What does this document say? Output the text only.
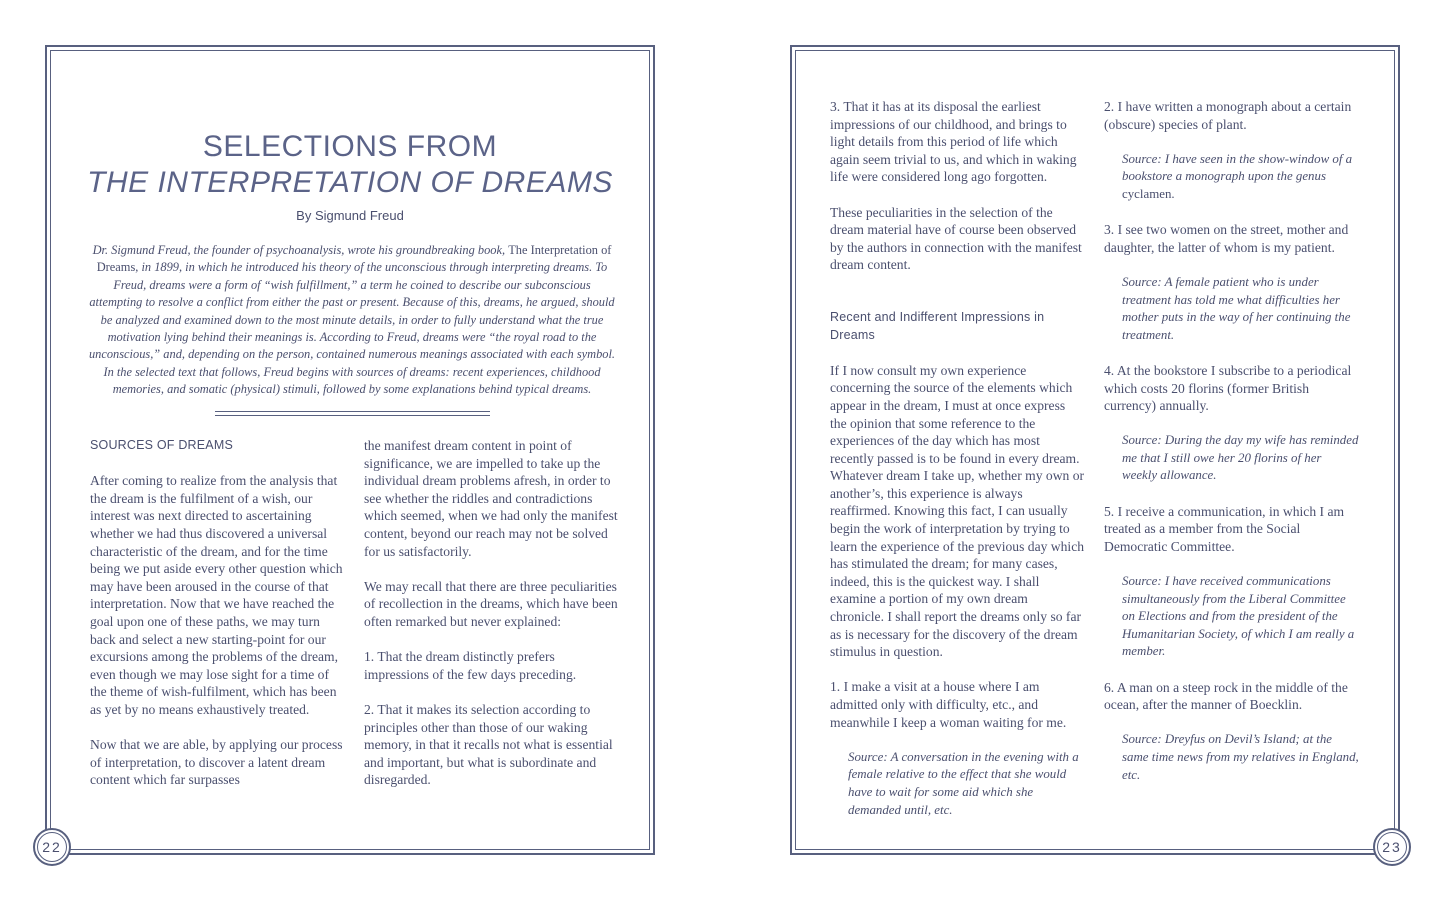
22	23
SELECTIONS FROM
THE INTERPRETATION OF DREAMS
By Sigmund Freud
Dr. Sigmund Freud, the founder of psychoanalysis, wrote his groundbreaking book, The Interpretation of Dreams, in 1899, in which he introduced his theory of the unconscious through interpreting dreams. To Freud, dreams were a form of “wish fulfillment,” a term he coined to describe our subconscious attempting to resolve a conflict from either the past or present. Because of this, dreams, he argued, should be analyzed and examined down to the most minute details, in order to fully understand what the true motivation lying behind their meanings is. According to Freud, dreams were “the royal road to the unconscious,” and, depending on the person, contained numerous meanings associated with each symbol. In the selected text that follows, Freud begins with sources of dreams: recent experiences, childhood memories, and somatic (physical) stimuli, followed by some explanations behind typical dreams.
SOURCES OF DREAMS

After coming to realize from the analysis that the dream is the fulfilment of a wish, our interest was next directed to ascertaining whether we had thus discovered a universal characteristic of the dream, and for the time being we put aside every other question which may have been aroused in the course of that interpretation. Now that we have reached the goal upon one of these paths, we may turn back and select a new starting-point for our excursions among the problems of the dream, even though we may lose sight for a time of the theme of wish-fulfilment, which has been as yet by no means exhaustively treated.

Now that we are able, by applying our process of interpretation, to discover a latent dream content which far surpasses

the manifest dream content in point of significance, we are impelled to take up the individual dream problems afresh, in order to see whether the riddles and contradictions which seemed, when we had only the manifest content, beyond our reach may not be solved for us satisfactorily.

We may recall that there are three peculiarities of recollection in the dreams, which have been often remarked but never explained:

1. That the dream distinctly prefers impressions of the few days preceding.

2. That it makes its selection according to principles other than those of our waking memory, in that it recalls not what is essential and important, but what is subordinate and disregarded.

3. That it has at its disposal the earliest impressions of our childhood, and brings to light details from this period of life which again seem trivial to us, and which in waking life were considered long ago forgotten.

These peculiarities in the selection of the dream material have of course been observed by the authors in connection with the manifest dream content.

Recent and Indifferent Impressions in Dreams

If I now consult my own experience concerning the source of the elements which appear in the dream, I must at once express the opinion that some reference to the experiences of the day which has most recently passed is to be found in every dream. Whatever dream I take up, whether my own or another’s, this experience is always reaffirmed. Knowing this fact, I can usually begin the work of interpretation by trying to learn the experience of the previous day which has stimulated the dream; for many cases, indeed, this is the quickest way. I shall examine a portion of my own dream chronicle. I shall report the dreams only so far as is necessary for the discovery of the dream stimulus in question.

1. I make a visit at a house where I am admitted only with difficulty, etc., and meanwhile I keep a woman waiting for me.

Source: A conversation in the evening with a female relative to the effect that she would have to wait for some aid which she demanded until, etc.

2. I have written a monograph about a certain (obscure) species of plant.

Source: I have seen in the show-window of a bookstore a monograph upon the genus cyclamen.

3. I see two women on the street, mother and daughter, the latter of whom is my patient.

Source: A female patient who is under treatment has told me what difficulties her mother puts in the way of her continuing the treatment.

4. At the bookstore I subscribe to a periodical which costs 20 florins (former British currency) annually.

Source: During the day my wife has reminded me that I still owe her 20 florins of her weekly allowance.

5. I receive a communication, in which I am treated as a member from the Social Democratic Committee.

Source: I have received communications simultaneously from the Liberal Committee on Elections and from the president of the Humanitarian Society, of which I am really a member.

6. A man on a steep rock in the middle of the ocean, after the manner of Boecklin.

Source: Dreyfus on Devil’s Island; at the same time news from my relatives in England, etc.
